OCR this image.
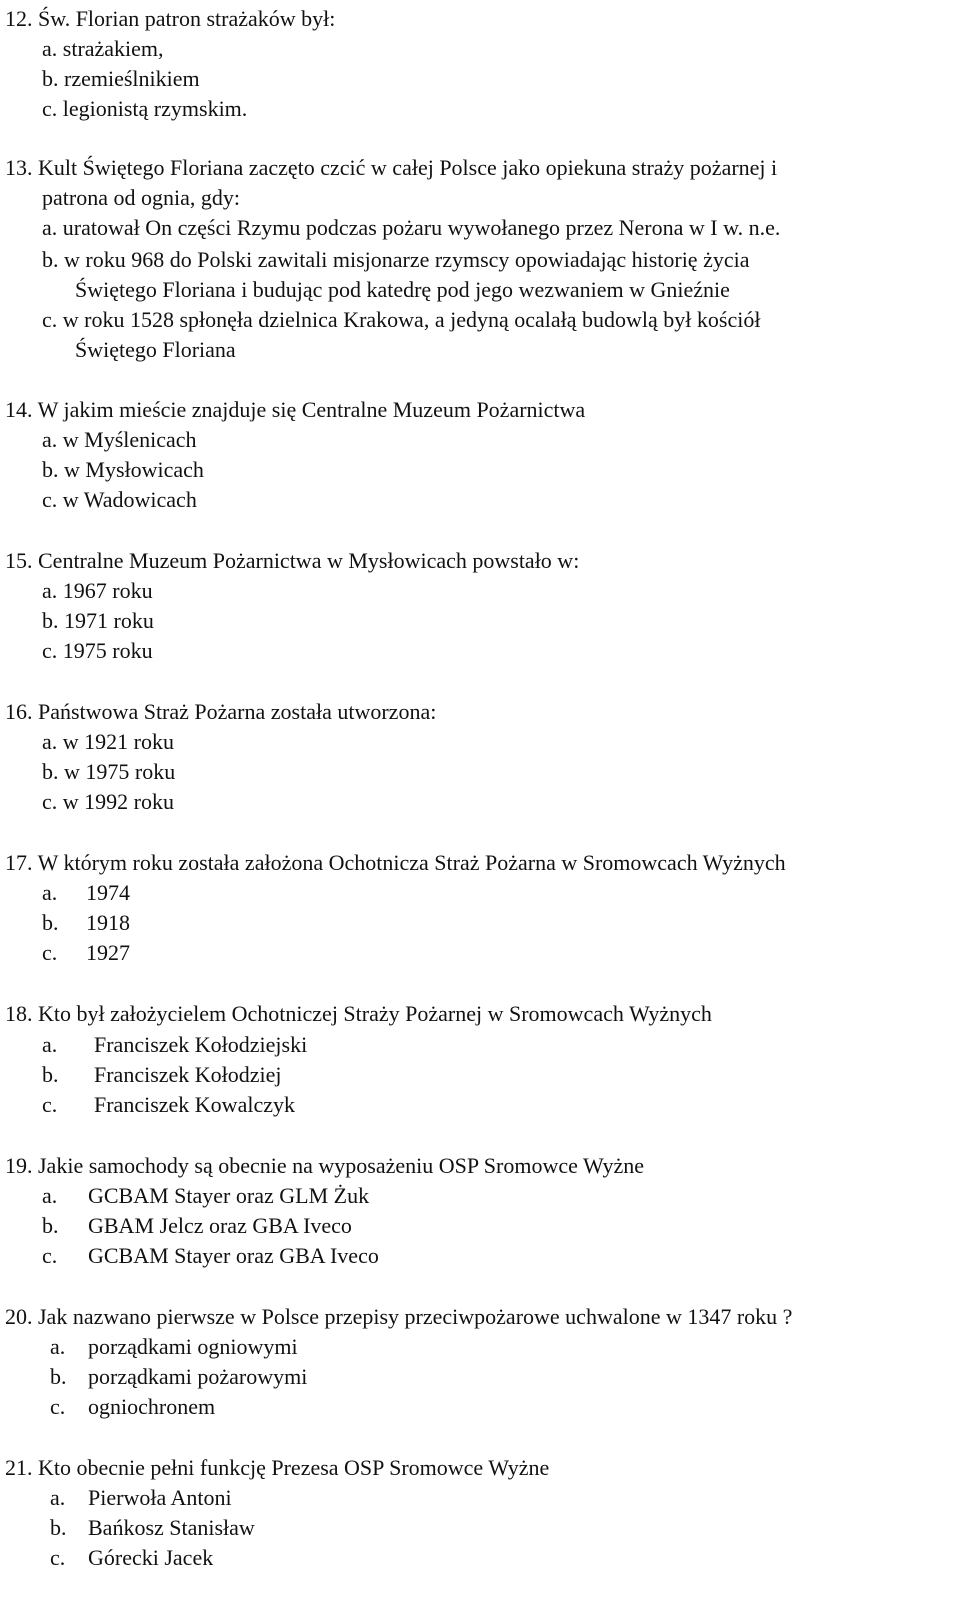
12. Św. Florian patron strażaków był:
a. strażakiem,
b. rzemieślnikiem
c. legionistą rzymskim.
13. Kult Świętego Floriana zaczęto czcić w całej Polsce jako opiekuna straży pożarnej i
patrona od ognia, gdy:
a. uratował On części Rzymu podczas pożaru wywołanego przez Nerona w I w. n.e.
b. w roku 968 do Polski zawitali misjonarze rzymscy opowiadając historię życia
Świętego Floriana i budując pod katedrę pod jego wezwaniem w Gnieźnie
c. w roku 1528 spłonęła dzielnica Krakowa, a jedyną ocalałą budowlą był kościół
Świętego Floriana
14. W jakim mieście znajduje się Centralne Muzeum Pożarnictwa
a. w Myślenicach
b. w Mysłowicach
c. w Wadowicach
15. Centralne Muzeum Pożarnictwa w Mysłowicach powstało w:
a. 1967 roku
b. 1971 roku
c. 1975 roku
16. Państwowa Straż Pożarna została utworzona:
a. w 1921 roku
b. w 1975 roku
c. w 1992 roku
17. W którym roku została założona Ochotnicza Straż Pożarna w Sromowcach Wyżnych
a. 1974
b. 1918
c. 1927
18. Kto był założycielem Ochotniczej Straży Pożarnej w Sromowcach Wyżnych
a. Franciszek Kołodziejski
b. Franciszek Kołodziej
c. Franciszek Kowalczyk
19. Jakie samochody są obecnie na wyposażeniu OSP Sromowce Wyżne
a. GCBAM Stayer oraz GLM Żuk
b. GBAM Jelcz oraz GBA Iveco
c. GCBAM Stayer oraz GBA Iveco
20. Jak nazwano pierwsze w Polsce przepisy przeciwpożarowe uchwalone w 1347 roku ?
a. porządkami ogniowymi
b. porządkami pożarowymi
c. ogniochronem
21. Kto obecnie pełni funkcję Prezesa OSP Sromowce Wyżne
a. Pierwoła Antoni
b. Bańkosz Stanisław
c. Górecki Jacek
